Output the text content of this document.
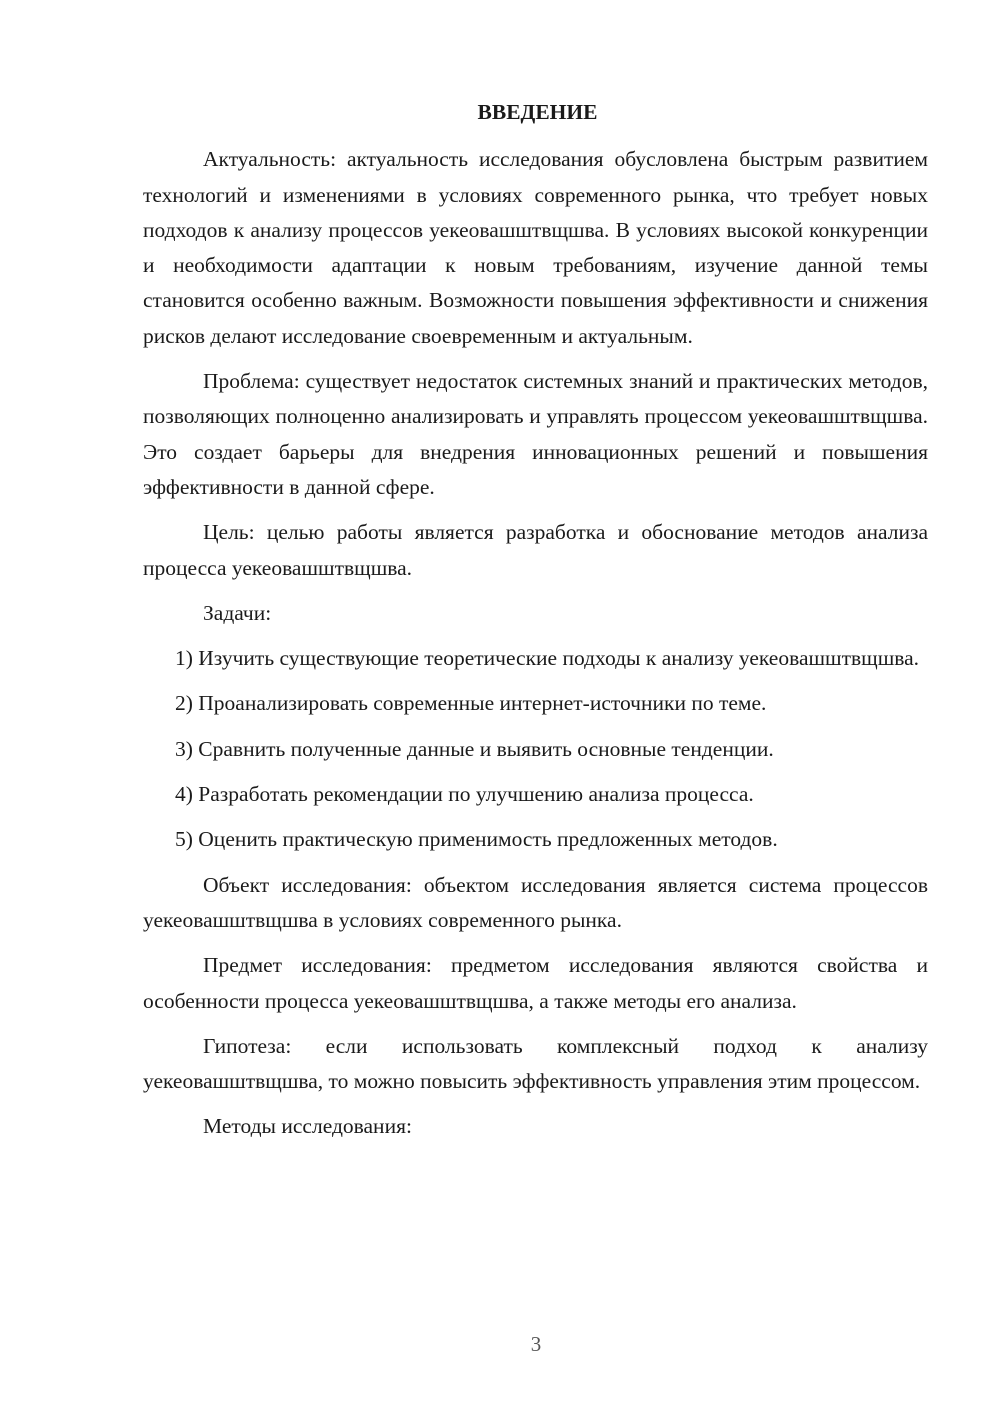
ВВЕДЕНИЕ

Актуальность: актуальность исследования обусловлена быстрым развитием технологий и изменениями в условиях современного рынка, что требует новых подходов к анализу процессов уекеовашштвщшва. В условиях высокой конкуренции и необходимости адаптации к новым требованиям, изучение данной темы становится особенно важным. Возможности повышения эффективности и снижения рисков делают исследование своевременным и актуальным.

Проблема: существует недостаток системных знаний и практических методов, позволяющих полноценно анализировать и управлять процессом уекеовашштвщшва. Это создает барьеры для внедрения инновационных решений и повышения эффективности в данной сфере.

Цель: целью работы является разработка и обоснование методов анализа процесса уекеовашштвщшва.

Задачи:

1) Изучить существующие теоретические подходы к анализу уекеовашштвщшва.

2) Проанализировать современные интернет-источники по теме.

3) Сравнить полученные данные и выявить основные тенденции.

4) Разработать рекомендации по улучшению анализа процесса.

5) Оценить практическую применимость предложенных методов.

Объект исследования: объектом исследования является система процессов уекеовашштвщшва в условиях современного рынка.

Предмет исследования: предметом исследования являются свойства и особенности процесса уекеовашштвщшва, а также методы его анализа.

Гипотеза: если использовать комплексный подход к анализу уекеовашштвщшва, то можно повысить эффективность управления этим процессом.

Методы исследования:

3
